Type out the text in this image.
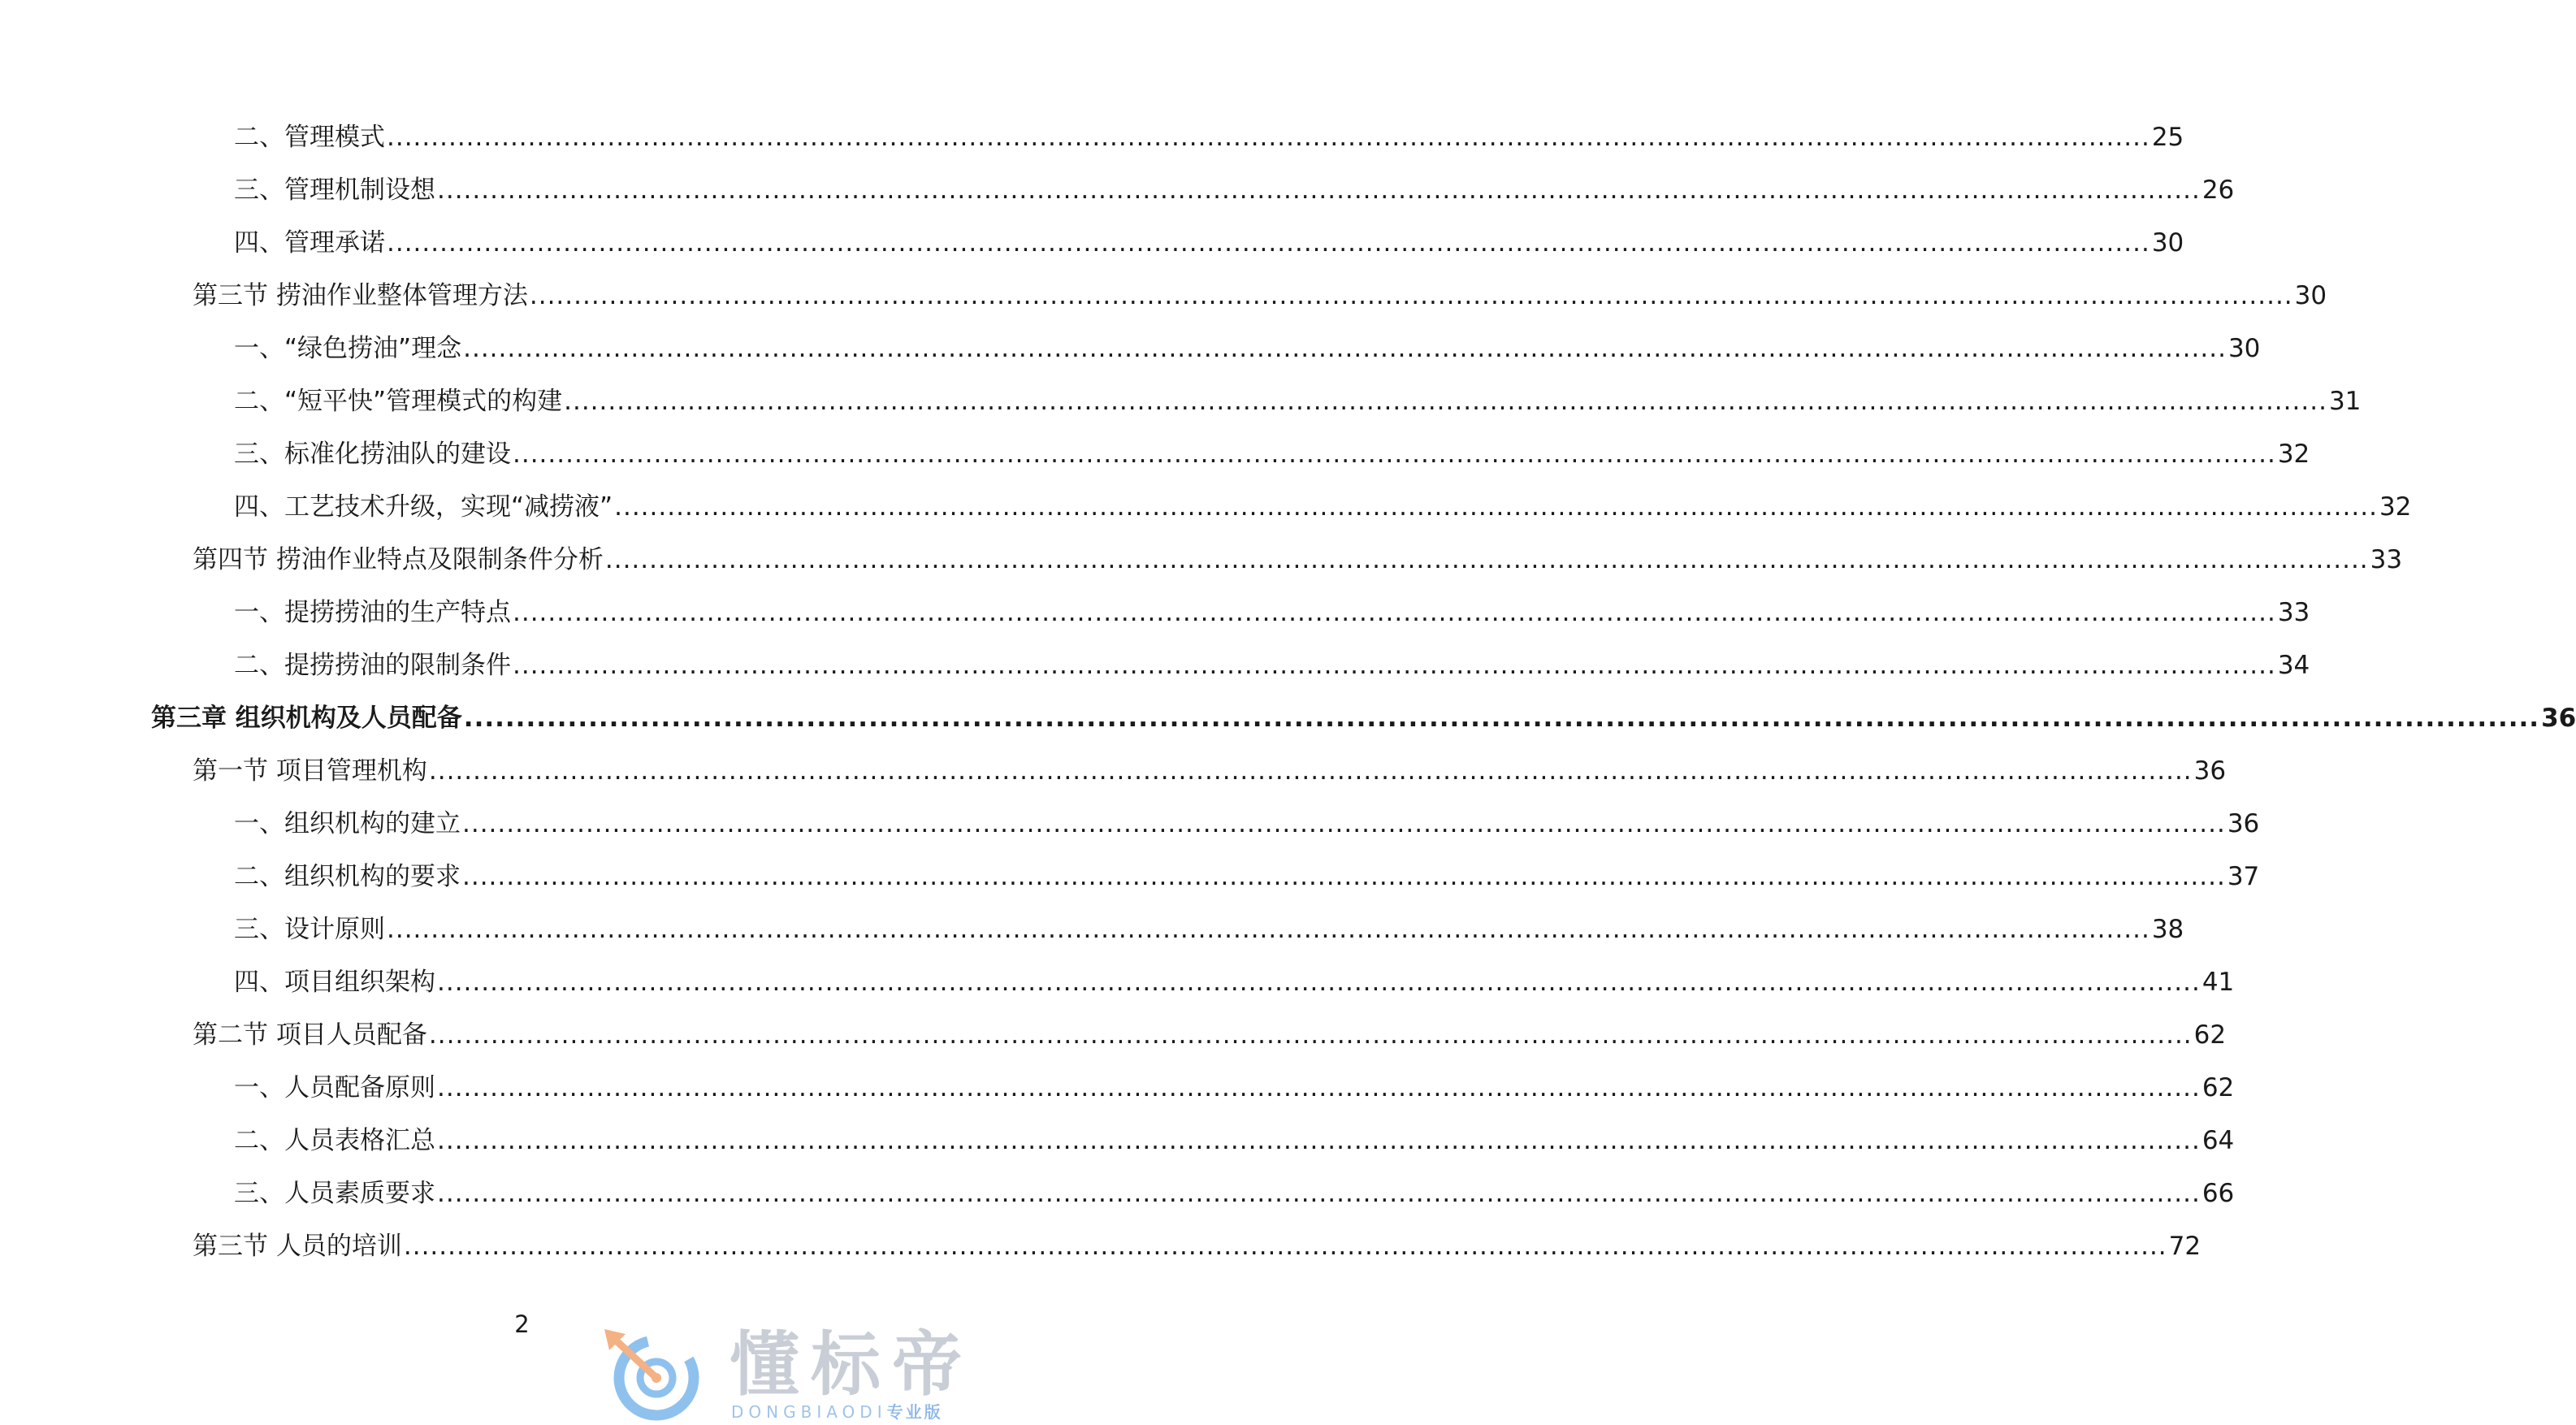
二、管理模式 ........................................................................................................................................................................................................ 25
三、管理机制设想 ........................................................................................................................................................................................................ 26
四、管理承诺 ........................................................................................................................................................................................................ 30
第三节 捞油作业整体管理方法 ........................................................................................................................................................................................................ 30
一、“绿色捞油”理念 ........................................................................................................................................................................................................ 30
二、“短平快”管理模式的构建 ........................................................................................................................................................................................................ 31
三、标准化捞油队的建设 ........................................................................................................................................................................................................ 32
四、工艺技术升级，实现“减捞液” ........................................................................................................................................................................................................ 32
第四节 捞油作业特点及限制条件分析 ........................................................................................................................................................................................................ 33
一、提捞捞油的生产特点 ........................................................................................................................................................................................................ 33
二、提捞捞油的限制条件 ........................................................................................................................................................................................................ 34
第三章 组织机构及人员配备 ........................................................................................................................................................................................................ 36
第一节 项目管理机构 ........................................................................................................................................................................................................ 36
一、组织机构的建立 ........................................................................................................................................................................................................ 36
二、组织机构的要求 ........................................................................................................................................................................................................ 37
三、设计原则 ........................................................................................................................................................................................................ 38
四、项目组织架构 ........................................................................................................................................................................................................ 41
第二节 项目人员配备 ........................................................................................................................................................................................................ 62
一、人员配备原则 ........................................................................................................................................................................................................ 62
二、人员表格汇总 ........................................................................................................................................................................................................ 64
三、人员素质要求 ........................................................................................................................................................................................................ 66
第三节 人员的培训 ........................................................................................................................................................................................................ 72
2	懂标帝
DONGBIAODI专业版
